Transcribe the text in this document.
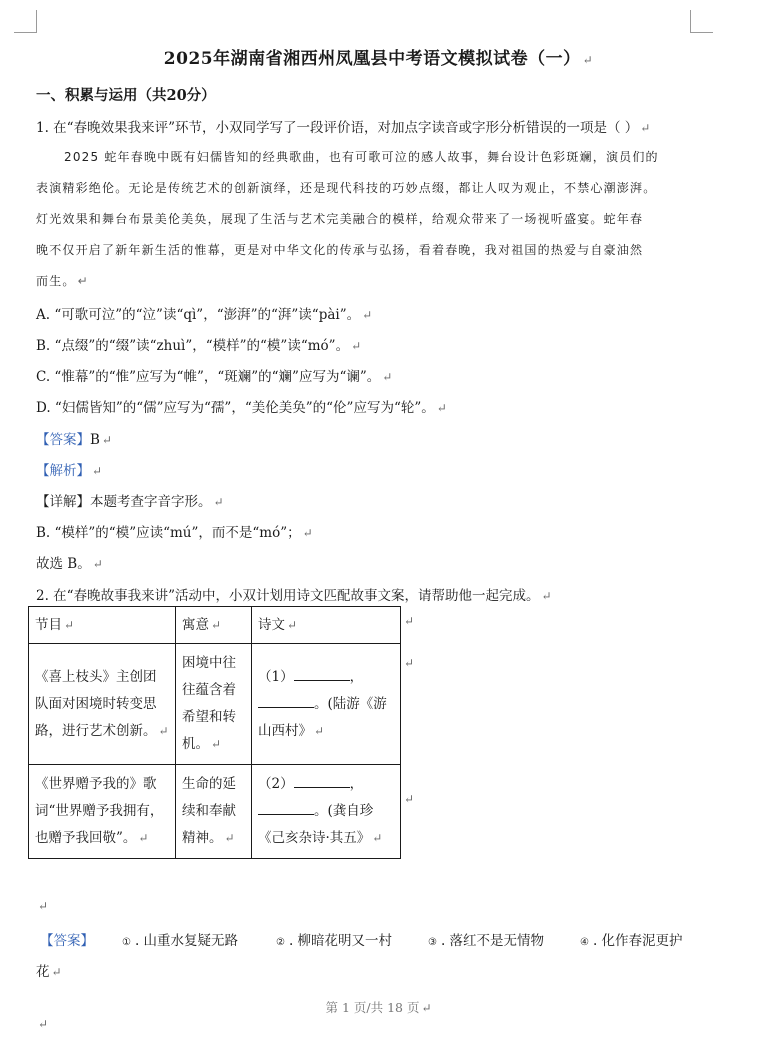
2025年湖南省湘西州凤凰县中考语文模拟试卷（一） ↵
一、积累与运用（共20分）
1. 在“春晚效果我来评”环节，小双同学写了一段评价语，对加点字读音或字形分析错误的一项是（ ） ↵
2025 蛇年春晚中既有妇儒皆知的经典歌曲，也有可歌可泣的感人故事，舞台设计色彩斑斓，演员们的
表演精彩绝伦。无论是传统艺术的创新演绎，还是现代科技的巧妙点缀，都让人叹为观止，不禁心潮澎湃。
灯光效果和舞台布景美伦美奂，展现了生活与艺术完美融合的模样，给观众带来了一场视听盛宴。蛇年春
晚不仅开启了新年新生活的惟幕，更是对中华文化的传承与弘扬，看着春晚，我对祖国的热爱与自豪油然
而生。 ↵
A. “可歌可泣”的“泣”读“qì”，“澎湃”的“湃”读“pài”。 ↵
B. “点缀”的“缀”读“zhuì”，“模样”的“模”读“mó”。 ↵
C. “惟幕”的“惟”应写为“帷”，“斑斓”的“斓”应写为“谰”。 ↵
D. “妇儒皆知”的“儒”应写为“孺”，“美伦美奂”的“伦”应写为“轮”。 ↵
【答案】B ↵
【解析】 ↵
【详解】本题考查字音字形。 ↵
B. “模样”的“模”应读“mú”，而不是“mó”； ↵
故选 B。 ↵
2. 在“春晚故事我来讲”活动中，小双计划用诗文匹配故事文案，请帮助他一起完成。 ↵
节目 ↵	寓意 ↵	诗文 ↵
《喜上枝头》主创团队面对困境时转变思路，进行艺术创新。 ↵	困境中往往蕴含着希望和转机。 ↵	（1） ，
。(陆游《游山西村》 ↵
《世界赠予我的》歌词“世界赠予我拥有，也赠予我回敬”。 ↵	生命的延续和奉献精神。 ↵	（2） ，
。(龚自珍《己亥杂诗·其五》 ↵
↵
↵
↵
↵
【答案】	① . 山重水复疑无路	② . 柳暗花明又一村	③ . 落红不是无情物	④ . 化作春泥更护
花 ↵
第 1 页/共 18 页 ↵
↵
